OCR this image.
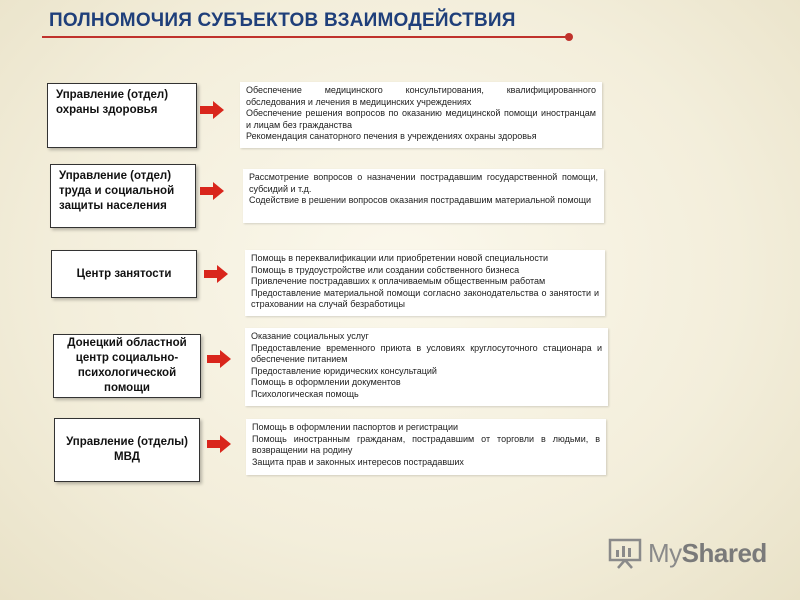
ПОЛНОМОЧИЯ СУБЪЕКТОВ ВЗАИМОДЕЙСТВИЯ
Управление (отдел) охраны здоровья
Обеспечение медицинского консультирования, квалифицированного обследования и лечения в медицинских учреждениях
Обеспечение решения вопросов по оказанию медицинской помощи иностранцам и лицам без гражданства
Рекомендация санаторного печения в учреждениях охраны здоровья
Управление (отдел) труда и социальной защиты населения
Рассмотрение вопросов о назначении пострадавшим государственной помощи, субсидий и т.д.
Содействие в решении вопросов оказания пострадавшим материальной помощи
Центр занятости
Помощь в переквалификации или приобретении новой специальности
Помощь в трудоустройстве или создании собственного бизнеса
Привлечение пострадавших к оплачиваемым общественным работам
Предоставление материальной помощи согласно законодательства о занятости и страховании на случай безработицы
Донецкий областной центр социально-психологической помощи
Оказание социальных услуг
Предоставление временного приюта в условиях круглосуточного стационара и обеспечение питанием
Предоставление юридических консультаций
Помощь в оформлении документов
Психологическая помощь
Управление (отделы) МВД
Помощь в оформлении паспортов и регистрации
Помощь иностранным гражданам, пострадавшим от торговли в людьми, в возвращении на родину
Защита прав и законных интересов пострадавших
MyShared
